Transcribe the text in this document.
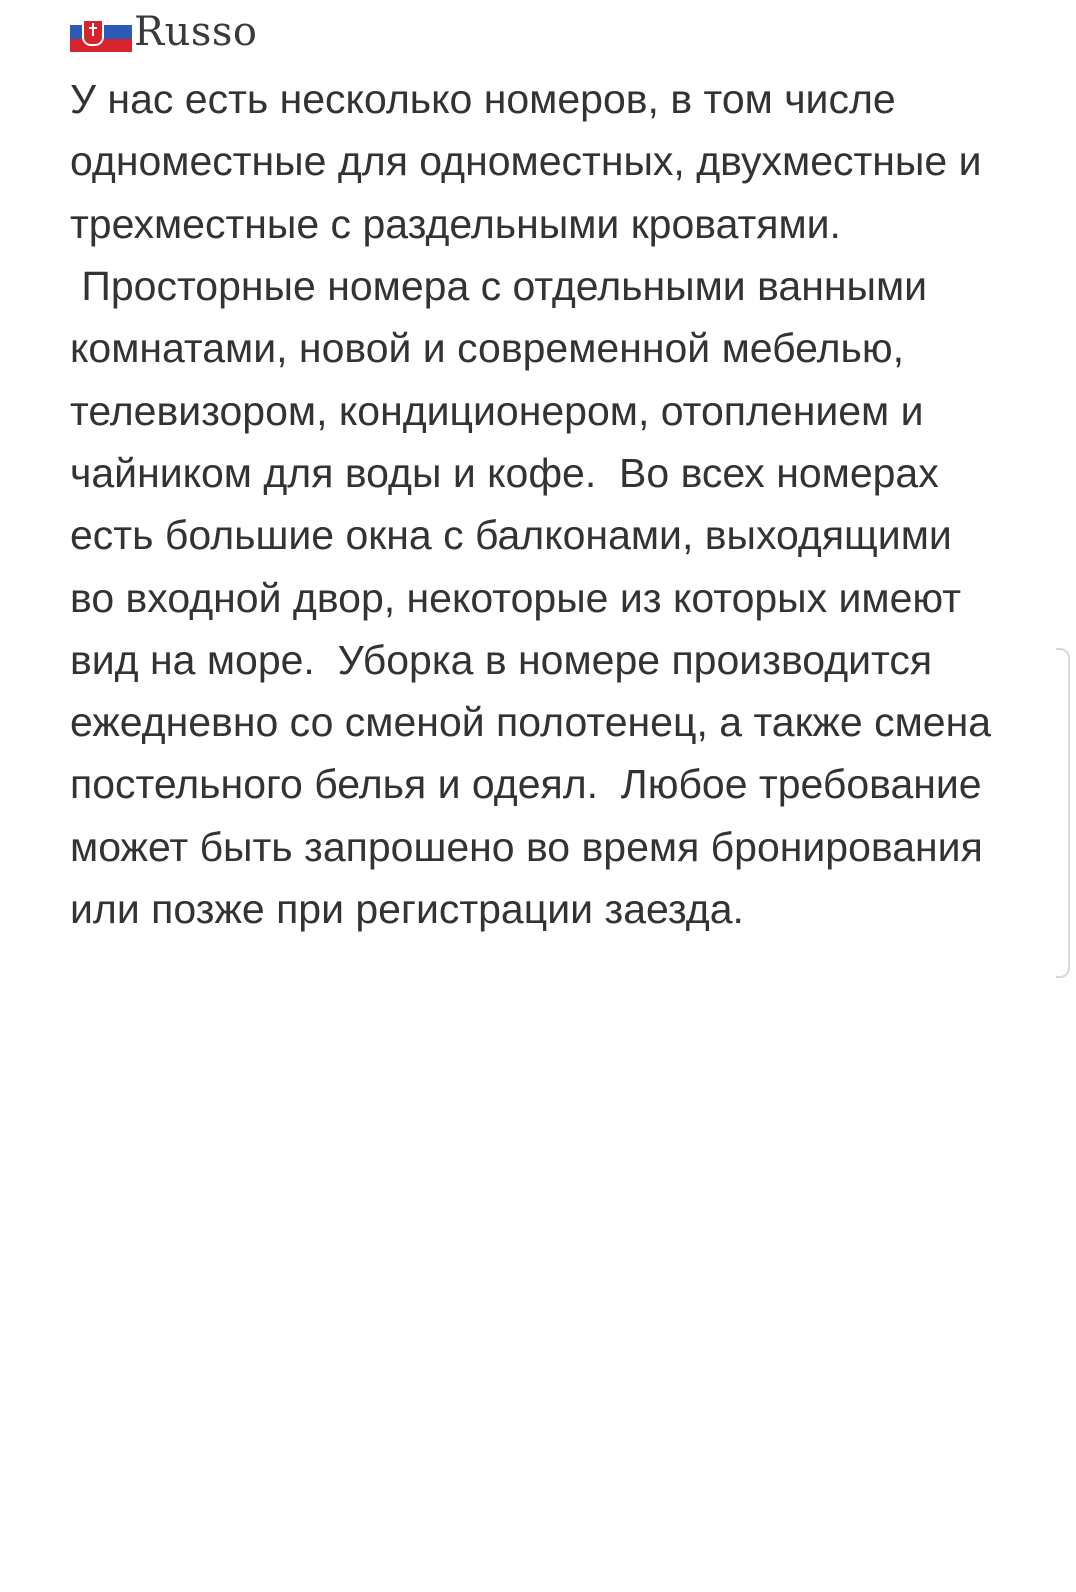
Russo

У нас есть несколько номеров, в том числе одноместные для одноместных, двухместные и трехместные с раздельными кроватями.

Просторные номера с отдельными ванными комнатами, новой и современной мебелью, телевизором, кондиционером, отоплением и чайником для воды и кофе.  Во всех номерах есть большие окна с балконами, выходящими во входной двор, некоторые из которых имеют вид на море.  Уборка в номере производится ежедневно со сменой полотенец, а также смена постельного белья и одеял.  Любое требование может быть запрошено во время бронирования или позже при регистрации заезда.
